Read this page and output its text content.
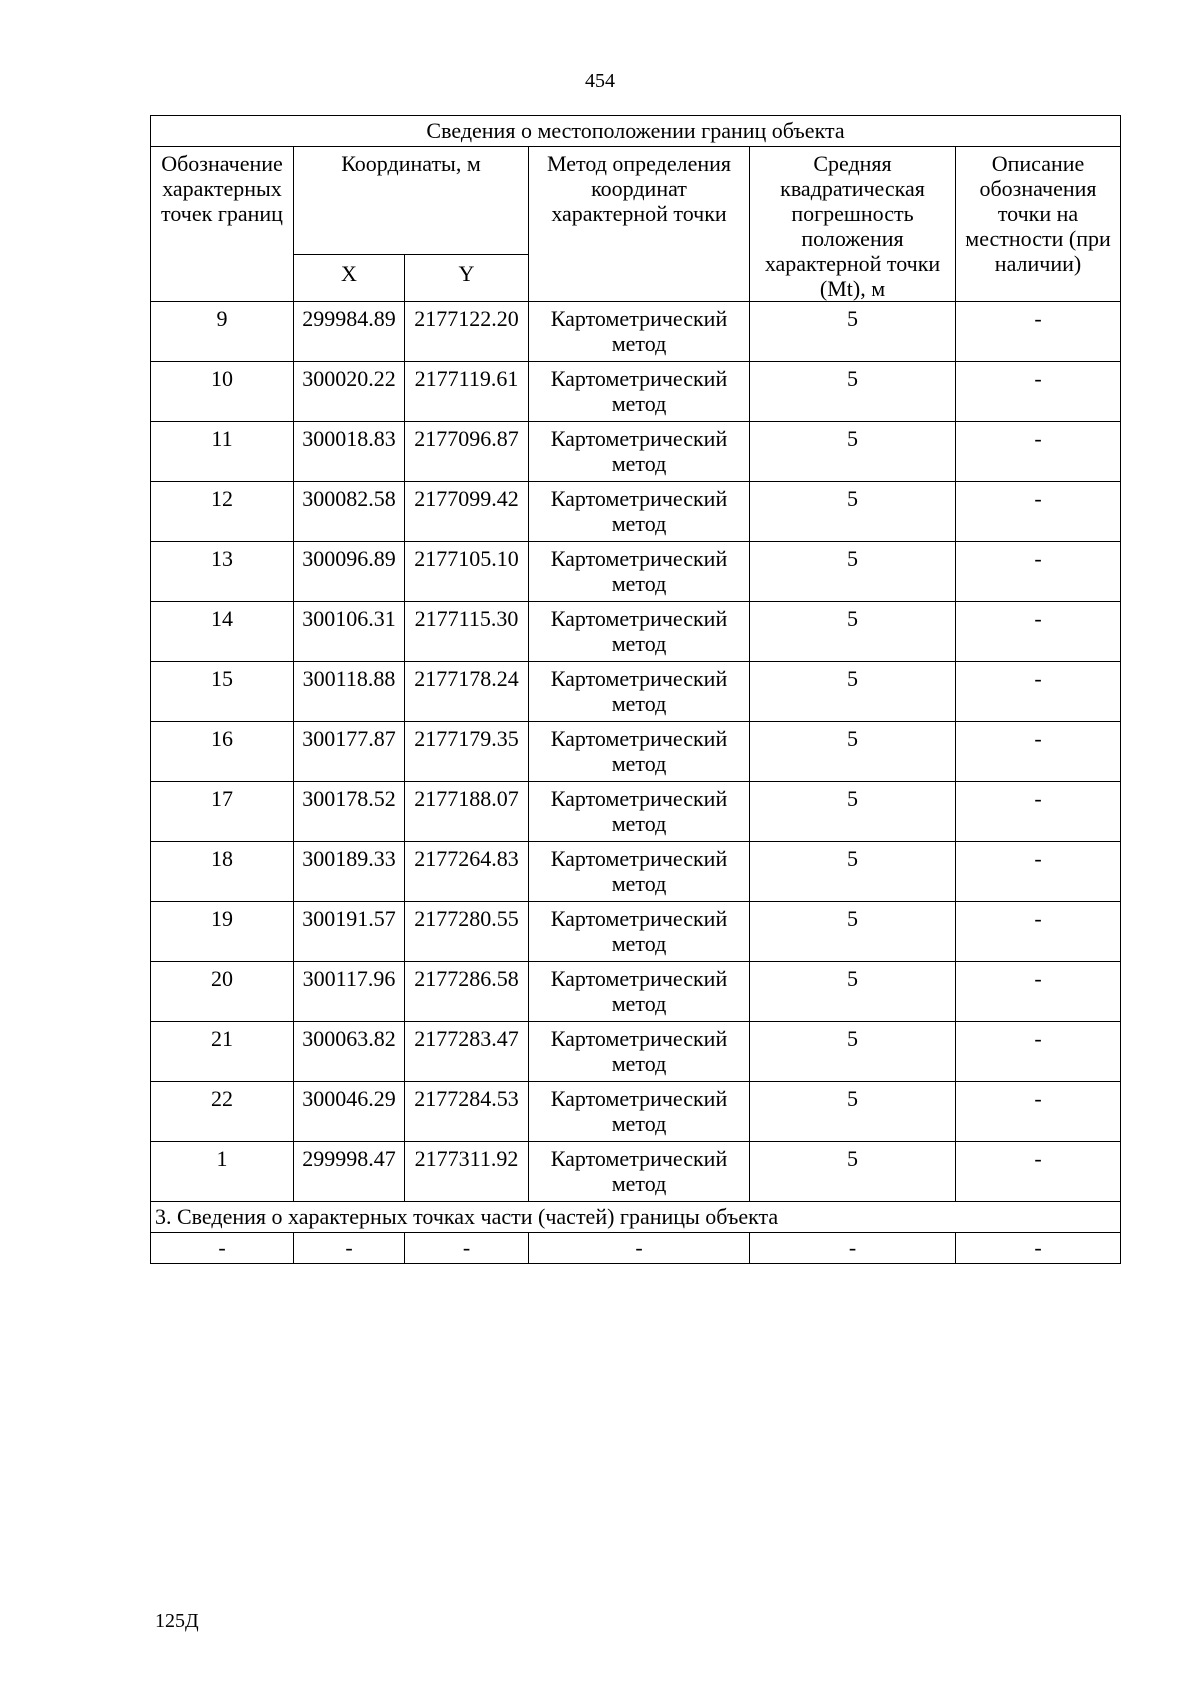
454
Сведения о местоположении границ объекта					
Обозначение характерных точек границ	Координаты, м		Метод определения координат характерной точки	Средняя квадратическая погрешность положения характерной точки (Mt), м	Описание обозначения точки на местности (при наличии)
	X	Y			
9	299984.89	2177122.20	Картометрический метод	5	-
10	300020.22	2177119.61	Картометрический метод	5	-
11	300018.83	2177096.87	Картометрический метод	5	-
12	300082.58	2177099.42	Картометрический метод	5	-
13	300096.89	2177105.10	Картометрический метод	5	-
14	300106.31	2177115.30	Картометрический метод	5	-
15	300118.88	2177178.24	Картометрический метод	5	-
16	300177.87	2177179.35	Картометрический метод	5	-
17	300178.52	2177188.07	Картометрический метод	5	-
18	300189.33	2177264.83	Картометрический метод	5	-
19	300191.57	2177280.55	Картометрический метод	5	-
20	300117.96	2177286.58	Картометрический метод	5	-
21	300063.82	2177283.47	Картометрический метод	5	-
22	300046.29	2177284.53	Картометрический метод	5	-
1	299998.47	2177311.92	Картометрический метод	5	-
3. Сведения о характерных точках части (частей) границы объекта					
-	-	-	-	-	-
125Д
